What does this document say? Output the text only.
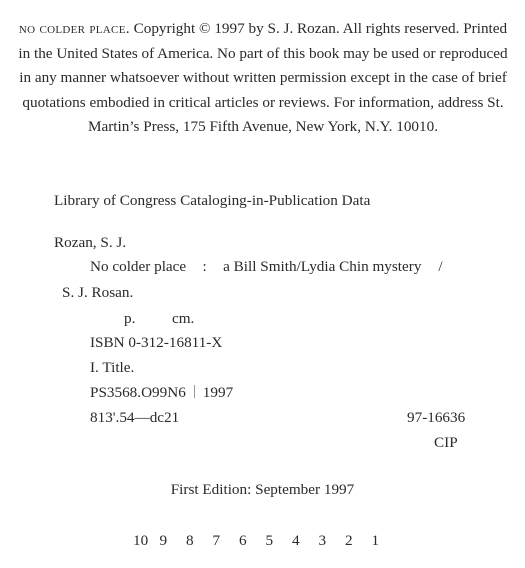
no colder place. Copyright © 1997 by S. J. Rozan. All rights reserved. Printed in the United States of America. No part of this book may be used or reproduced in any manner whatsoever without written permission except in the case of brief quotations embodied in critical articles or reviews. For information, address St. Martin’s Press, 175 Fifth Avenue, New York, N.Y. 10010.

Library of Congress Cataloging-in-Publication Data

Rozan, S. J.

No colder place : a Bill Smith/Lydia Chin mystery /

S. J. Rosan.

p. cm.

ISBN 0-312-16811-X

I. Title.

PS3568.O99N6 1997

813'.54—dc21	97-16636

CIP

First Edition: September 1997

10 9 8 7 6 5 4 3 2 1
